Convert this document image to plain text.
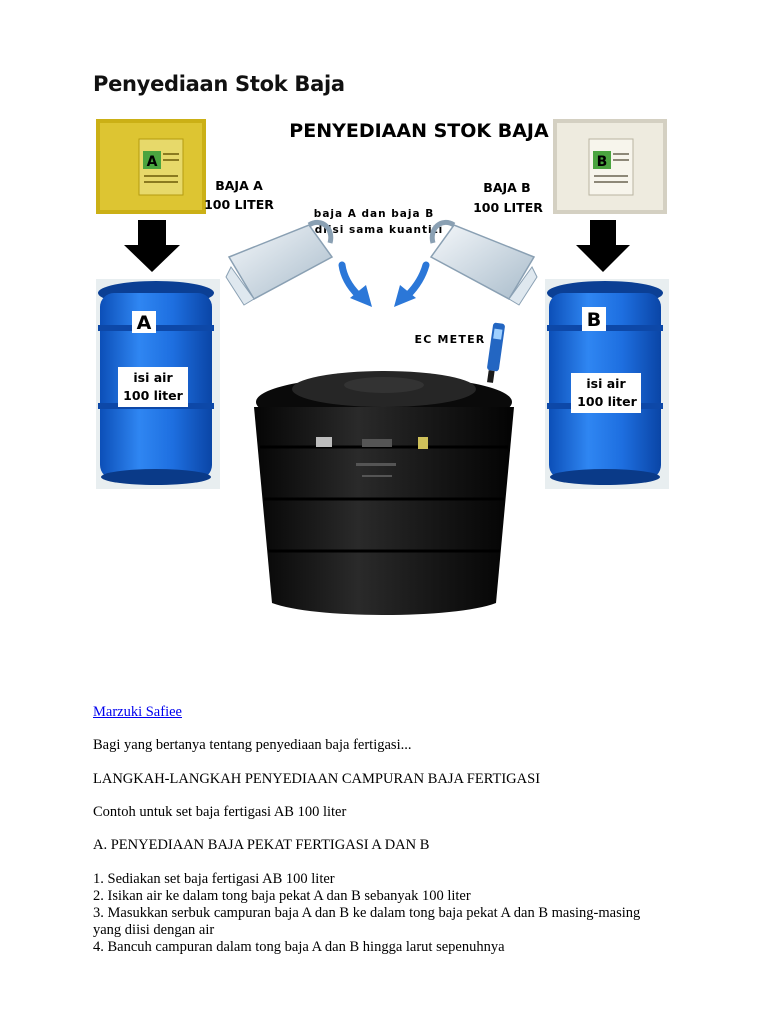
Penyediaan Stok Baja
PENYEDIAAN STOK BAJA
A	B
BAJA A
100 LITER
BAJA B
100 LITER
baja A dan baja B
diisi sama kuantiti
EC METER
A
isi air
100 liter
B
isi air
100 liter
Marzuki Safiee

Bagi yang bertanya tentang penyediaan baja fertigasi...

LANGKAH-LANGKAH PENYEDIAAN CAMPURAN BAJA FERTIGASI

Contoh untuk set baja fertigasi AB 100 liter

A. PENYEDIAAN BAJA PEKAT FERTIGASI A DAN B

1. Sediakan set baja fertigasi AB 100 liter
2. Isikan air ke dalam tong baja pekat A dan B sebanyak 100 liter
3. Masukkan serbuk campuran baja A dan B ke dalam tong baja pekat A dan B masing-masing yang diisi dengan air
4. Bancuh campuran dalam tong baja A dan B hingga larut sepenuhnya
